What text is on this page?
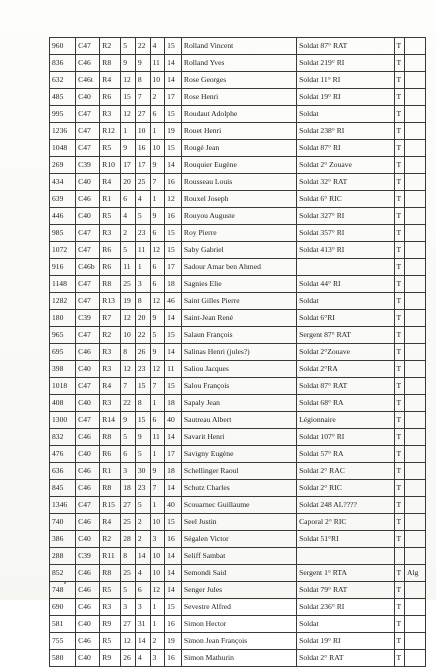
960	C47	R2	5	22	4	15	Rolland Vincent	Soldat 87° RAT	T	
836	C46	R8	9	9	11	14	Rolland Yves	Soldat 219° RI	T	
632	C46t	R4	12	8	10	14	Rose Georges	Soldat 11° RI	T	
485	C40	R6	15	7	2	17	Rose Henri	Soldat 19° RI	T	
995	C47	R3	12	27	6	15	Roudaut Adolphe	Soldat	T	
1236	C47	R12	1	10	1	19	Rouet Henri	Soldat 238° RI	T	
1048	C47	R5	9	16	10	15	Rougé Jean	Soldat 87° RI	T	
269	C39	R10	17	17	9	14	Rouquier Eugène	Soldat 2° Zouave	T	
434	C40	R4	20	25	7	16	Rousseau Louis	Soldat 32° RAT	T	
639	C46	R1	6	4	1	12	Rouxel Joseph	Soldat 6° RIC	T	
446	C40	R5	4	5	9	16	Rouyou Auguste	Soldat 327° RI	T	
985	C47	R3	2	23	6	15	Roy Pierre	Soldat 357° RI	T	
1072	C47	R6	5	11	12	15	Saby Gabriel	Soldat 413° RI	T	
916	C46b	R6	11	1	6	17	Sadour Amar ben Ahmed		T	
1148	C47	R8	25	3	6	18	Sagnies Elie	Soldat 44° RI	T	
1282	C47	R13	19	8	12	46	Saint Gilles Pierre	Soldat	T	
180	C39	R7	12	20	9	14	Saint-Jean René	Soldat 6°RI	T	
965	C47	R2	10	22	5	15	Salaun François	Sergent 87° RAT	T	
695	C46	R3	8	26	9	14	Salinas Henri (jules?)	Soldat 2°Zouave	T	
398	C40	R3	12	23	12	11	Saliou Jacques	Soldat 2°RA	T	
1018	C47	R4	7	15	7	15	Salou François	Soldat 87° RAT	T	
408	C40	R3	22	8	1	18	Sapaly Jean	Soldat 68° RA	T	
1300	C47	R14	9	15	6	40	Sautreau Albert	Légionnaire	T	
832	C46	R8	5	9	11	14	Savarit Henri	Soldat 107° RI	T	
476	C40	R6	6	5	1	17	Savigny Eugène	Soldat 57° RA	T	
636	C46	R1	3	30	9	18	Schellinger Raoul	Soldat 2° RAC	T	
845	C46	R8	18	23	7	14	Schutz Charles	Soldat 2° RIC	T	
1346	C47	R15	27	5	1	40	Scouarnec Guillaume	Soldat 248 AL????	T	
740	C46	R4	25	2	10	15	Seel Justin	Caporal 2° RIC	T	
386	C40	R2	28	2	3	16	Ségalen Victor	Soldat 51°RI	T	
288	C39	R11	8	14	10	14	Seliff Sambat			
852	C46	R8	25	4	10	14	Semondi Said	Sergent 1° RTA	T	Alg
748	C46	R5	5	6	12	14	Senger Jules	Soldat 79° RAT	T	
690	C46	R3	3	3	1	15	Sevestre Alfred	Soldat 236° RI	T	
581	C40	R9	27	31	1	16	Simon Hector	Soldat	T	
755	C46	R5	12	14	2	19	Simon Jean François	Soldat 19° RI	T	
580	C40	R9	26	4	3	16	Simon Mathurin	Soldat 2° RAT	T	
